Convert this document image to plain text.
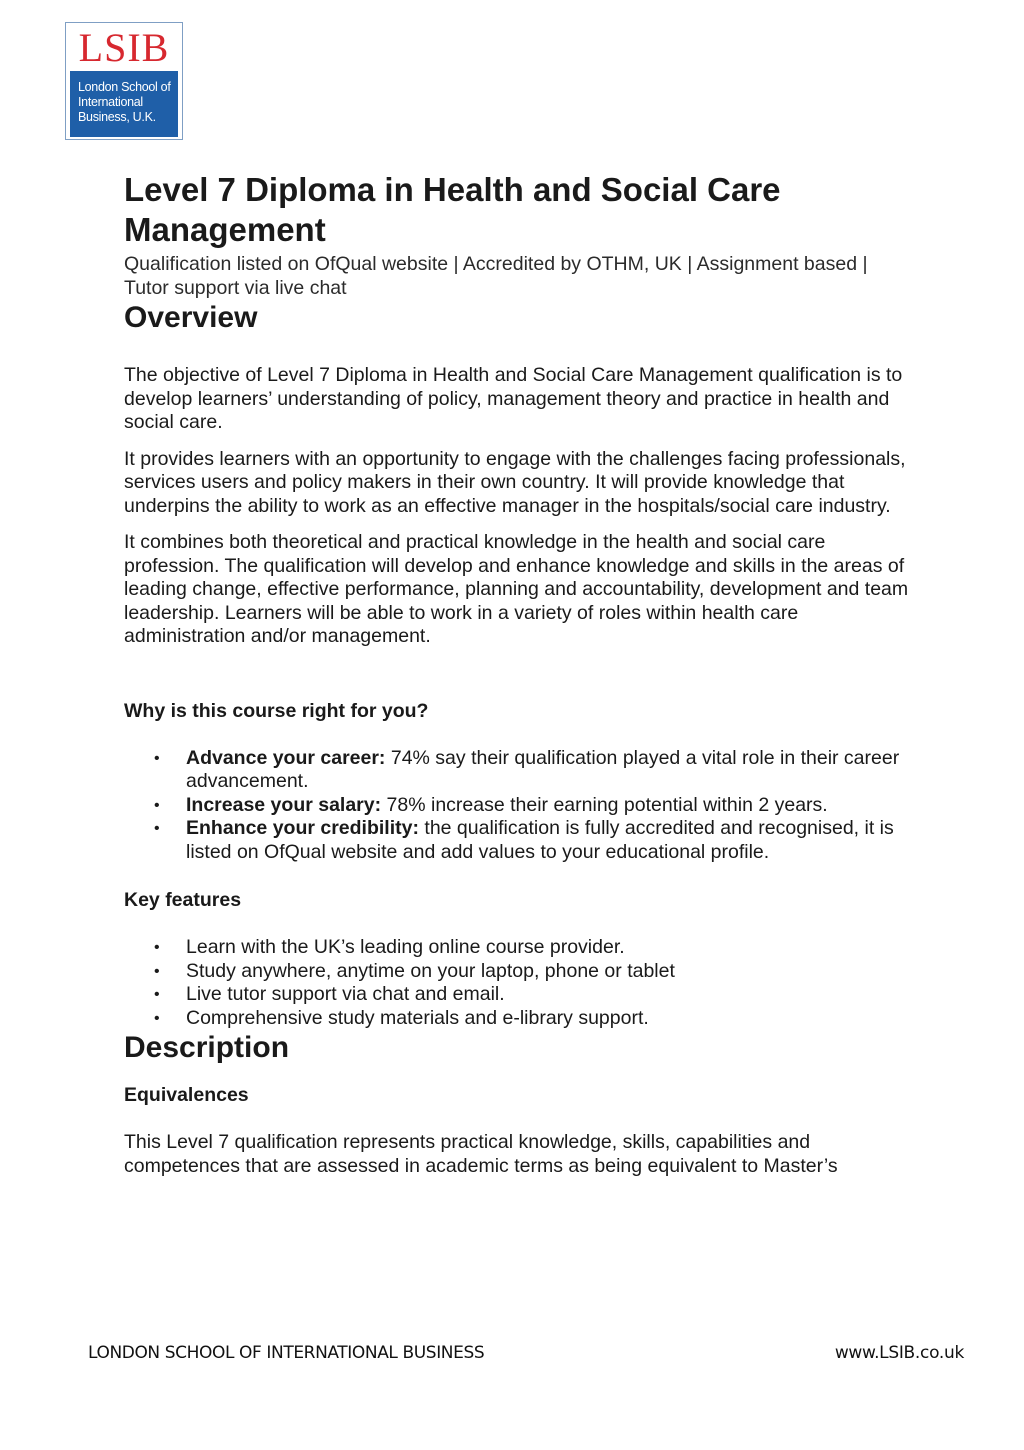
LSIB
London School of
International
Business, U.K.
Level 7 Diploma in Health and Social Care Management

Qualification listed on OfQual website | Accredited by OTHM, UK | Assignment based | Tutor support via live chat

Overview

The objective of Level 7 Diploma in Health and Social Care Management qualification is to develop learners’ understanding of policy, management theory and practice in health and social care.

It provides learners with an opportunity to engage with the challenges facing professionals, services users and policy makers in their own country. It will provide knowledge that underpins the ability to work as an effective manager in the hospitals/social care industry.

It combines both theoretical and practical knowledge in the health and social care profession. The qualification will develop and enhance knowledge and skills in the areas of leading change, effective performance, planning and accountability, development and team leadership. Learners will be able to work in a variety of roles within health care administration and/or management.

Why is this course right for you?

• Advance your career: 74% say their qualification played a vital role in their career advancement.
• Increase your salary: 78% increase their earning potential within 2 years.
• Enhance your credibility: the qualification is fully accredited and recognised, it is listed on OfQual website and add values to your educational profile.

Key features

• Learn with the UK’s leading online course provider.
• Study anywhere, anytime on your laptop, phone or tablet
• Live tutor support via chat and email.
• Comprehensive study materials and e-library support.
Description

Equivalences

This Level 7 qualification represents practical knowledge, skills, capabilities and competences that are assessed in academic terms as being equivalent to Master’s

LONDON SCHOOL OF INTERNATIONAL BUSINESS	www.LSIB.co.uk
